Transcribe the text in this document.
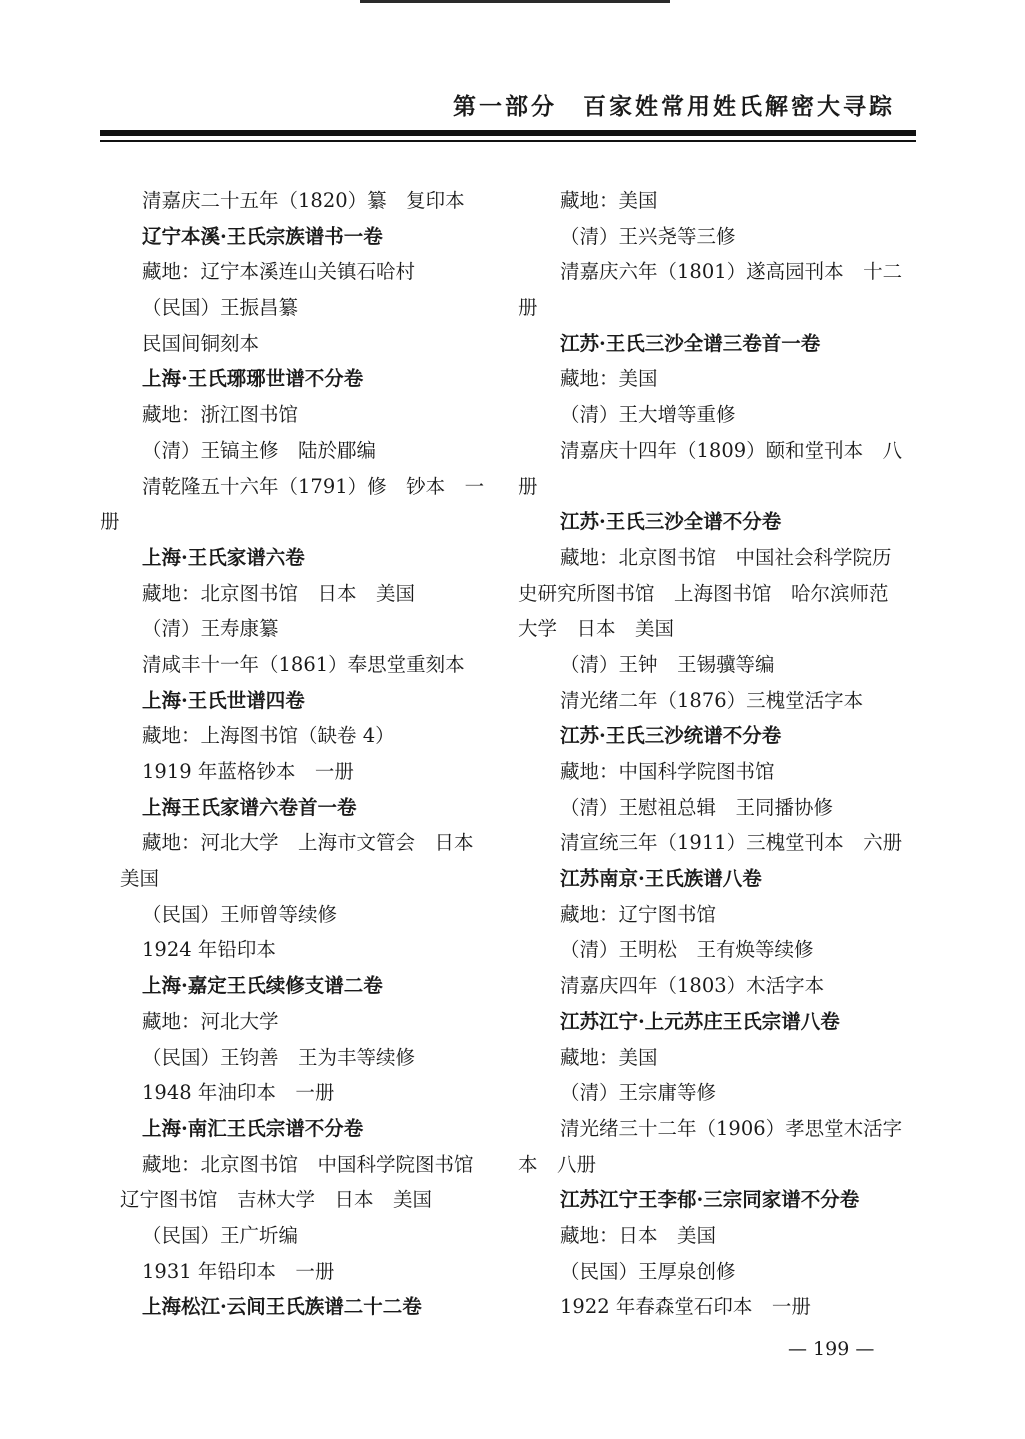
第一部分　百家姓常用姓氏解密大寻踪
清嘉庆二十五年（1820）纂　复印本
辽宁本溪·王氏宗族谱书一卷
藏地：辽宁本溪连山关镇石哈村
（民国）王振昌纂
民国间铜刻本
上海·王氏琊琊世谱不分卷
藏地：浙江图书馆
（清）王镐主修　陆於郿编
清乾隆五十六年（1791）修　钞本　一
册
上海·王氏家谱六卷
藏地：北京图书馆　日本　美国
（清）王寿康纂
清咸丰十一年（1861）奉思堂重刻本
上海·王氏世谱四卷
藏地：上海图书馆（缺卷 4）
1919 年蓝格钞本　一册
上海王氏家谱六卷首一卷
藏地：河北大学　上海市文管会　日本
美国
（民国）王师曾等续修
1924 年铅印本
上海·嘉定王氏续修支谱二卷
藏地：河北大学
（民国）王钧善　王为丰等续修
1948 年油印本　一册
上海·南汇王氏宗谱不分卷
藏地：北京图书馆　中国科学院图书馆
辽宁图书馆　吉林大学　日本　美国
（民国）王广圻编
1931 年铅印本　一册
上海松江·云间王氏族谱二十二卷
藏地：美国
（清）王兴尧等三修
清嘉庆六年（1801）遂高园刊本　十二
册
江苏·王氏三沙全谱三卷首一卷
藏地：美国
（清）王大增等重修
清嘉庆十四年（1809）颐和堂刊本　八
册
江苏·王氏三沙全谱不分卷
藏地：北京图书馆　中国社会科学院历
史研究所图书馆　上海图书馆　哈尔滨师范
大学　日本　美国
（清）王钟　王锡骥等编
清光绪二年（1876）三槐堂活字本
江苏·王氏三沙统谱不分卷
藏地：中国科学院图书馆
（清）王慰祖总辑　王同播协修
清宣统三年（1911）三槐堂刊本　六册
江苏南京·王氏族谱八卷
藏地：辽宁图书馆
（清）王明松　王有焕等续修
清嘉庆四年（1803）木活字本
江苏江宁·上元苏庄王氏宗谱八卷
藏地：美国
（清）王宗庸等修
清光绪三十二年（1906）孝思堂木活字
本　八册
江苏江宁王李郁·三宗同家谱不分卷
藏地：日本　美国
（民国）王厚泉创修
1922 年春森堂石印本　一册
— 199 —
